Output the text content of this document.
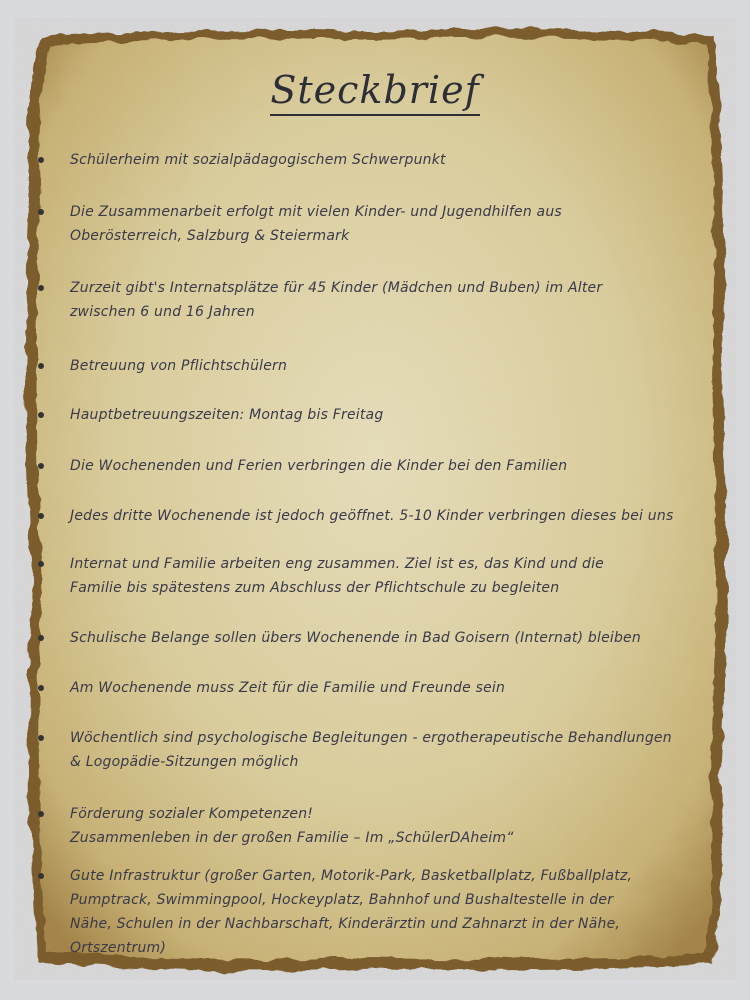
Steckbrief
Schülerheim mit sozialpädagogischem Schwerpunkt
Die Zusammenarbeit erfolgt mit vielen Kinder- und Jugendhilfen aus
Oberösterreich, Salzburg & Steiermark
Zurzeit gibt's Internatsplätze für 45 Kinder (Mädchen und Buben) im Alter
zwischen 6 und 16 Jahren
Betreuung von Pflichtschülern
Hauptbetreuungszeiten: Montag bis Freitag
Die Wochenenden und Ferien verbringen die Kinder bei den Familien
Jedes dritte Wochenende ist jedoch geöffnet. 5-10 Kinder verbringen dieses bei uns
Internat und Familie arbeiten eng zusammen. Ziel ist es, das Kind und die
Familie bis spätestens zum Abschluss der Pflichtschule zu begleiten
Schulische Belange sollen übers Wochenende in Bad Goisern (Internat) bleiben
Am Wochenende muss Zeit für die Familie und Freunde sein
Wöchentlich sind psychologische Begleitungen - ergotherapeutische Behandlungen
& Logopädie-Sitzungen möglich
Förderung sozialer Kompetenzen!
Zusammenleben in der großen Familie – Im „SchülerDAheim“
Gute Infrastruktur (großer Garten, Motorik-Park, Basketballplatz, Fußballplatz,
Pumptrack, Swimmingpool, Hockeyplatz, Bahnhof und Bushaltestelle in der
Nähe, Schulen in der Nachbarschaft, Kinderärztin und Zahnarzt in der Nähe,
Ortszentrum)
